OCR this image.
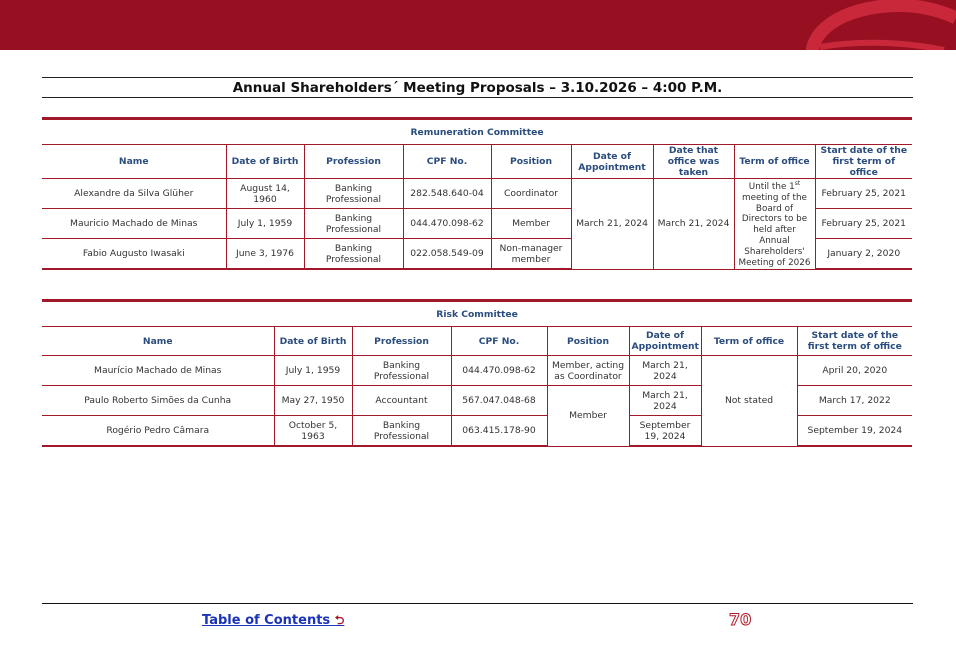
Annual Shareholders´ Meeting Proposals – 3.10.2026 – 4:00 P.M.
Remuneration Committee								
Name	Date of Birth	Profession	CPF No.	Position	Date of Appointment	Date that office was taken	Term of office	Start date of the first term of office
Alexandre da Silva Glüher	August 14, 1960	Banking Professional	282.548.640-04	Coordinator	March 21, 2024	March 21, 2024	Until the 1st meeting of the Board of Directors to be held after Annual Shareholders' Meeting of 2026	February 25, 2021
Mauricio Machado de Minas	July 1, 1959	Banking Professional	044.470.098-62	Member				February 25, 2021
Fabio Augusto Iwasaki	June 3, 1976	Banking Professional	022.058.549-09	Non-manager member				January 2, 2020
Risk Committee							
Name	Date of Birth	Profession	CPF No.	Position	Date of Appointment	Term of office	Start date of the first term of office
Maurício Machado de Minas	July 1, 1959	Banking Professional	044.470.098-62	Member, acting as Coordinator	March 21, 2024	Not stated	April 20, 2020
Paulo Roberto Simões da Cunha	May 27, 1950	Accountant	567.047.048-68	Member	March 21, 2024		March 17, 2022
Rogério Pedro Câmara	October 5, 1963	Banking Professional	063.415.178-90		September 19, 2024		September 19, 2024
Table of Contents ⮌	70
